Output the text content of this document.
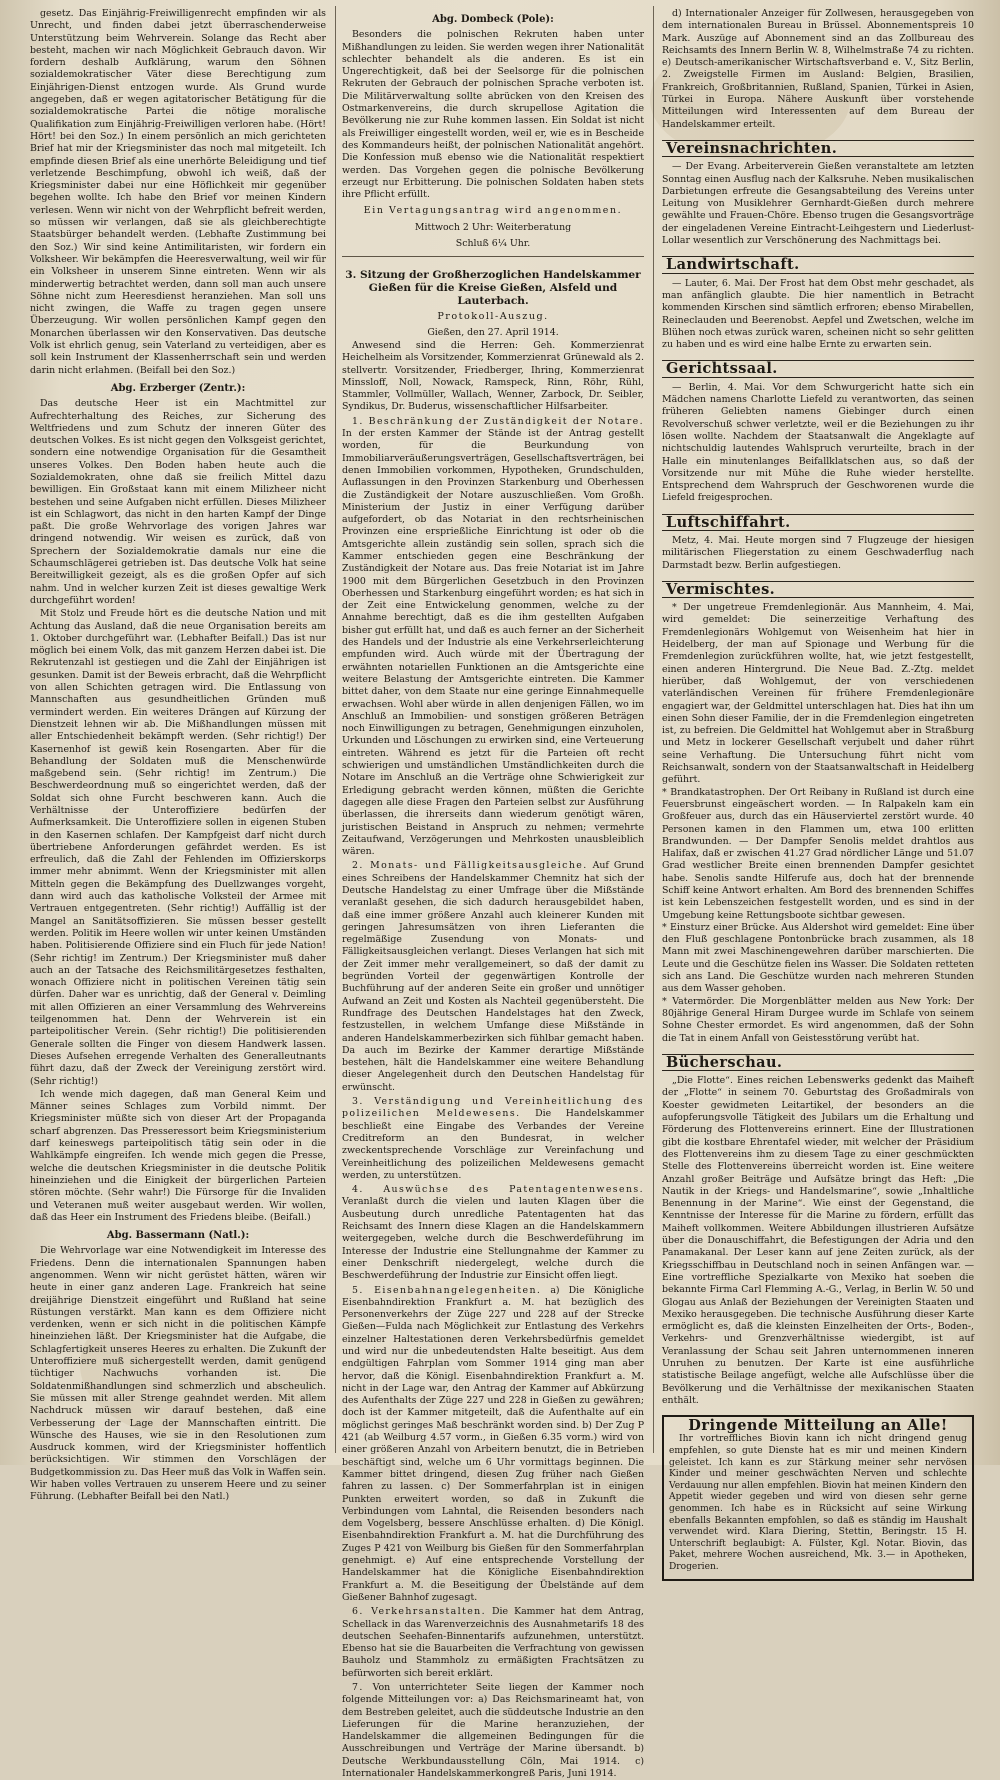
gesetz. Das Einjährig-Freiwilligenrecht empfinden wir als Unrecht, und finden dabei jetzt überraschenderweise Unterstützung beim Wehrverein. Solange das Recht aber besteht, machen wir nach Möglichkeit Gebrauch davon. Wir fordern deshalb Aufklärung, warum den Söhnen sozialdemokratischer Väter diese Berechtigung zum Einjährigen-Dienst entzogen wurde. Als Grund wurde angegeben, daß er wegen agitatorischer Betätigung für die sozialdemokratische Partei die nötige moralische Qualifikation zum Einjährig-Freiwilligen verloren habe. (Hört! Hört! bei den Soz.) In einem persönlich an mich gerichteten Brief hat mir der Kriegsminister das noch mal mitgeteilt. Ich empfinde diesen Brief als eine unerhörte Beleidigung und tief verletzende Beschimpfung, obwohl ich weiß, daß der Kriegsminister dabei nur eine Höflichkeit mir gegenüber begehen wollte. Ich habe den Brief vor meinen Kindern verlesen. Wenn wir nicht von der Wehrpflicht befreit werden, so müssen wir verlangen, daß sie als gleichberechtigte Staatsbürger behandelt werden. (Lebhafte Zustimmung bei den Soz.) Wir sind keine Antimilitaristen, wir fordern ein Volksheer. Wir bekämpfen die Heeresverwaltung, weil wir für ein Volksheer in unserem Sinne eintreten. Wenn wir als minderwertig betrachtet werden, dann soll man auch unsere Söhne nicht zum Heeresdienst heranziehen. Man soll uns nicht zwingen, die Waffe zu tragen gegen unsere Überzeugung. Wir wollen persönlichen Kampf gegen den Monarchen überlassen wir den Konservativen. Das deutsche Volk ist ehrlich genug, sein Vaterland zu verteidigen, aber es soll kein Instrument der Klassenherrschaft sein und werden darin nicht erlahmen. (Beifall bei den Soz.)

Abg. Erzberger (Zentr.):

Das deutsche Heer ist ein Machtmittel zur Aufrechterhaltung des Reiches, zur Sicherung des Weltfriedens und zum Schutz der inneren Güter des deutschen Volkes. Es ist nicht gegen den Volksgeist gerichtet, sondern eine notwendige Organisation für die Gesamtheit unseres Volkes. Den Boden haben heute auch die Sozialdemokraten, ohne daß sie freilich Mittel dazu bewilligen. Ein Großstaat kann mit einem Milizheer nicht bestehen und seine Aufgaben nicht erfüllen. Dieses Milizheer ist ein Schlagwort, das nicht in den harten Kampf der Dinge paßt. Die große Wehrvorlage des vorigen Jahres war dringend notwendig. Wir weisen es zurück, daß von Sprechern der Sozialdemokratie damals nur eine die Schaumschlägerei getrieben ist. Das deutsche Volk hat seine Bereitwilligkeit gezeigt, als es die großen Opfer auf sich nahm. Und in welcher kurzen Zeit ist dieses gewaltige Werk durchgeführt worden!

Mit Stolz und Freude hört es die deutsche Nation und mit Achtung das Ausland, daß die neue Organisation bereits am 1. Oktober durchgeführt war. (Lebhafter Beifall.) Das ist nur möglich bei einem Volk, das mit ganzem Herzen dabei ist. Die Rekrutenzahl ist gestiegen und die Zahl der Einjährigen ist gesunken. Damit ist der Beweis erbracht, daß die Wehrpflicht von allen Schichten getragen wird. Die Entlassung von Mannschaften aus gesundheitlichen Gründen muß vermindert werden. Ein weiteres Drängen auf Kürzung der Dienstzeit lehnen wir ab. Die Mißhandlungen müssen mit aller Entschiedenheit bekämpft werden. (Sehr richtig!) Der Kasernenhof ist gewiß kein Rosengarten. Aber für die Behandlung der Soldaten muß die Menschenwürde maßgebend sein. (Sehr richtig! im Zentrum.) Die Beschwerdeordnung muß so eingerichtet werden, daß der Soldat sich ohne Furcht beschweren kann. Auch die Verhältnisse der Unteroffiziere bedürfen der Aufmerksamkeit. Die Unteroffiziere sollen in eigenen Stuben in den Kasernen schlafen. Der Kampfgeist darf nicht durch übertriebene Anforderungen gefährdet werden. Es ist erfreulich, daß die Zahl der Fehlenden im Offizierskorps immer mehr abnimmt. Wenn der Kriegsminister mit allen Mitteln gegen die Bekämpfung des Duellzwanges vorgeht, dann wird auch das katholische Volksteil der Armee mit Vertrauen entgegentreten. (Sehr richtig!) Auffällig ist der Mangel an Sanitätsoffizieren. Sie müssen besser gestellt werden. Politik im Heere wollen wir unter keinen Umständen haben. Politisierende Offiziere sind ein Fluch für jede Nation! (Sehr richtig! im Zentrum.) Der Kriegsminister muß daher auch an der Tatsache des Reichsmilitärgesetzes festhalten, wonach Offiziere nicht in politischen Vereinen tätig sein dürfen. Daher war es unrichtig, daß der General v. Deimling mit allen Offizieren an einer Versammlung des Wehrvereins teilgenommen hat. Denn der Wehrverein ist ein parteipolitischer Verein. (Sehr richtig!) Die politisierenden Generale sollten die Finger von diesem Handwerk lassen. Dieses Aufsehen erregende Verhalten des Generalleutnants führt dazu, daß der Zweck der Vereinigung zerstört wird. (Sehr richtig!)

Ich wende mich dagegen, daß man General Keim und Männer seines Schlages zum Vorbild nimmt. Der Kriegsminister müßte sich von dieser Art der Propaganda scharf abgrenzen. Das Presseressort beim Kriegsministerium darf keineswegs parteipolitisch tätig sein oder in die Wahlkämpfe eingreifen. Ich wende mich gegen die Presse, welche die deutschen Kriegsminister in die deutsche Politik hineinziehen und die Einigkeit der bürgerlichen Parteien stören möchte. (Sehr wahr!) Die Fürsorge für die Invaliden und Veteranen muß weiter ausgebaut werden. Wir wollen, daß das Heer ein Instrument des Friedens bleibe. (Beifall.)

Abg. Bassermann (Natl.):

Die Wehrvorlage war eine Notwendigkeit im Interesse des Friedens. Denn die internationalen Spannungen haben angenommen. Wenn wir nicht gerüstet hätten, wären wir heute in einer ganz anderen Lage. Frankreich hat seine dreijährige Dienstzeit eingeführt und Rußland hat seine Rüstungen verstärkt. Man kann es dem Offiziere nicht verdenken, wenn er sich nicht in die politischen Kämpfe hineinziehen läßt. Der Kriegsminister hat die Aufgabe, die Schlagfertigkeit unseres Heeres zu erhalten. Die Zukunft der Unteroffiziere muß sichergestellt werden, damit genügend tüchtiger Nachwuchs vorhanden ist. Die Soldatenmißhandlungen sind schmerzlich und abscheulich. Sie müssen mit aller Strenge geahndet werden. Mit allem Nachdruck müssen wir darauf bestehen, daß eine Verbesserung der Lage der Mannschaften eintritt. Die Wünsche des Hauses, wie sie in den Resolutionen zum Ausdruck kommen, wird der Kriegsminister hoffentlich berücksichtigen. Wir stimmen den Vorschlägen der Budgetkommission zu. Das Heer muß das Volk in Waffen sein. Wir haben volles Vertrauen zu unserem Heere und zu seiner Führung. (Lebhafter Beifall bei den Natl.)

Abg. Dombeck (Pole):

Besonders die polnischen Rekruten haben unter Mißhandlungen zu leiden. Sie werden wegen ihrer Nationalität schlechter behandelt als die anderen. Es ist ein Ungerechtigkeit, daß bei der Seelsorge für die polnischen Rekruten der Gebrauch der polnischen Sprache verboten ist. Die Militärverwaltung sollte abrücken von den Kreisen des Ostmarkenvereins, die durch skrupellose Agitation die Bevölkerung nie zur Ruhe kommen lassen. Ein Soldat ist nicht als Freiwilliger eingestellt worden, weil er, wie es in Bescheide des Kommandeurs heißt, der polnischen Nationalität angehört. Die Konfession muß ebenso wie die Nationalität respektiert werden. Das Vorgehen gegen die polnische Bevölkerung erzeugt nur Erbitterung. Die polnischen Soldaten haben stets ihre Pflicht erfüllt.

Ein Vertagungsantrag wird angenommen.

Mittwoch 2 Uhr: Weiterberatung

Schluß 6¼ Uhr.

3. Sitzung der Großherzoglichen Handelskammer Gießen für die Kreise Gießen, Alsfeld und Lauterbach.
Protokoll-Auszug.

Gießen, den 27. April 1914.

Anwesend sind die Herren: Geh. Kommerzienrat Heichelheim als Vorsitzender, Kommerzienrat Grünewald als 2. stellvertr. Vorsitzender, Friedberger, Ihring, Kommerzienrat Minssloff, Noll, Nowack, Ramspeck, Rinn, Röhr, Rühl, Stammler, Vollmüller, Wallach, Wenner, Zarbock, Dr. Seibler, Syndikus, Dr. Buderus, wissenschaftlicher Hilfsarbeiter.

1. Beschränkung der Zuständigkeit der Notare. In der ersten Kammer der Stände ist der Antrag gestellt worden, für die Beurkundung von Immobiliarveräußerungsverträgen, Gesellschaftsverträgen, bei denen Immobilien vorkommen, Hypotheken, Grundschulden, Auflassungen in den Provinzen Starkenburg und Oberhessen die Zuständigkeit der Notare auszuschließen. Vom Großh. Ministerium der Justiz in einer Verfügung darüber aufgefordert, ob das Notariat in den rechtsrheinischen Provinzen eine ersprießliche Einrichtung ist oder ob die Amtsgerichte allein zuständig sein sollen, sprach sich die Kammer entschieden gegen eine Beschränkung der Zuständigkeit der Notare aus. Das freie Notariat ist im Jahre 1900 mit dem Bürgerlichen Gesetzbuch in den Provinzen Oberhessen und Starkenburg eingeführt worden; es hat sich in der Zeit eine Entwickelung genommen, welche zu der Annahme berechtigt, daß es die ihm gestellten Aufgaben bisher gut erfüllt hat, und daß es auch ferner an der Sicherheit des Handels und der Industrie als eine Verkehrserleichterung empfunden wird. Auch würde mit der Übertragung der erwähnten notariellen Funktionen an die Amtsgerichte eine weitere Belastung der Amtsgerichte eintreten. Die Kammer bittet daher, von dem Staate nur eine geringe Einnahmequelle erwachsen. Wohl aber würde in allen denjenigen Fällen, wo im Anschluß an Immobilien- und sonstigen größeren Beträgen noch Einwilligungen zu betragen, Genehmigungen einzuholen, Urkunden und Löschungen zu erwirken sind, eine Verteuerung eintreten. Während es jetzt für die Parteien oft recht schwierigen und umständlichen Umständlichkeiten durch die Notare im Anschluß an die Verträge ohne Schwierigkeit zur Erledigung gebracht werden können, müßten die Gerichte dagegen alle diese Fragen den Parteien selbst zur Ausführung überlassen, die ihrerseits dann wiederum genötigt wären, juristischen Beistand in Anspruch zu nehmen; vermehrte Zeitaufwand, Verzögerungen und Mehrkosten unausbleiblich wären.

2. Monats- und Fälligkeitsausgleiche. Auf Grund eines Schreibens der Handelskammer Chemnitz hat sich der Deutsche Handelstag zu einer Umfrage über die Mißstände veranlaßt gesehen, die sich dadurch herausgebildet haben, daß eine immer größere Anzahl auch kleinerer Kunden mit geringen Jahresumsätzen von ihren Lieferanten die regelmäßige Zusendung von Monats- und Fälligkeitsausgleichen verlangt. Dieses Verlangen hat sich mit der Zeit immer mehr verallgemeinert, so daß der damit zu begründen Vorteil der gegenwärtigen Kontrolle der Buchführung auf der anderen Seite ein großer und unnötiger Aufwand an Zeit und Kosten als Nachteil gegenübersteht. Die Rundfrage des Deutschen Handelstages hat den Zweck, festzustellen, in welchem Umfange diese Mißstände in anderen Handelskammerbezirken sich fühlbar gemacht haben. Da auch im Bezirke der Kammer derartige Mißstände bestehen, hält die Handelskammer eine weitere Behandlung dieser Angelegenheit durch den Deutschen Handelstag für erwünscht.

3. Verständigung und Vereinheitlichung des polizeilichen Meldewesens. Die Handelskammer beschließt eine Eingabe des Verbandes der Vereine Creditreform an den Bundesrat, in welcher zweckentsprechende Vorschläge zur Vereinfachung und Vereinheitlichung des polizeilichen Meldewesens gemacht werden, zu unterstützen.

4. Auswüchse des Patentagentenwesens. Veranlaßt durch die vielen und lauten Klagen über die Ausbeutung durch unredliche Patentagenten hat das Reichsamt des Innern diese Klagen an die Handelskammern weitergegeben, welche durch die Beschwerdeführung im Interesse der Industrie eine Stellungnahme der Kammer zu einer Denkschrift niedergelegt, welche durch die Beschwerdeführung der Industrie zur Einsicht offen liegt.

5. Eisenbahnangelegenheiten. a) Die Königliche Eisenbahndirektion Frankfurt a. M. hat bezüglich des Personenverkehrs der Züge 227 und 228 auf der Strecke Gießen—Fulda nach Möglichkeit zur Entlastung des Verkehrs einzelner Haltestationen deren Verkehrsbedürfnis gemeldet und wird nur die unbedeutendsten Halte beseitigt. Aus dem endgültigen Fahrplan vom Sommer 1914 ging man aber hervor, daß die Königl. Eisenbahndirektion Frankfurt a. M. nicht in der Lage war, den Antrag der Kammer auf Abkürzung des Aufenthalts der Züge 227 und 228 in Gießen zu gewähren; doch ist der Kammer mitgeteilt, daß die Aufenthalte auf ein möglichst geringes Maß beschränkt worden sind. b) Der Zug P 421 (ab Weilburg 4.57 vorm., in Gießen 6.35 vorm.) wird von einer größeren Anzahl von Arbeitern benutzt, die in Betrieben beschäftigt sind, welche um 6 Uhr vormittags beginnen. Die Kammer bittet dringend, diesen Zug früher nach Gießen fahren zu lassen. c) Der Sommerfahrplan ist in einigen Punkten erweitert worden, so daß in Zukunft die Verbindungen vom Lahntal, die Reisenden besonders nach dem Vogelsberg, bessere Anschlüsse erhalten. d) Die Königl. Eisenbahndirektion Frankfurt a. M. hat die Durchführung des Zuges P 421 von Weilburg bis Gießen für den Sommerfahrplan genehmigt. e) Auf eine entsprechende Vorstellung der Handelskammer hat die Königliche Eisenbahndirektion Frankfurt a. M. die Beseitigung der Übelstände auf dem Gießener Bahnhof zugesagt.

6. Verkehrsanstalten. Die Kammer hat dem Antrag, Schellack in das Warenverzeichnis des Ausnahmetarifs 18 des deutschen Seehafen-Binnentarifs aufzunehmen, unterstützt. Ebenso hat sie die Bauarbeiten die Verfrachtung von gewissen Bauholz und Stammholz zu ermäßigten Frachtsätzen zu befürworten sich bereit erklärt.

7. Von unterrichteter Seite liegen der Kammer noch folgende Mitteilungen vor: a) Das Reichsmarineamt hat, von dem Bestreben geleitet, auch die süddeutsche Industrie an den Lieferungen für die Marine heranzuziehen, der Handelskammer die allgemeinen Bedingungen für die Ausschreibungen und Verträge der Marine übersandt. b) Deutsche Werkbundausstellung Cöln, Mai 1914. c) Internationaler Handelskammerkongreß Paris, Juni 1914.

d) Internationaler Anzeiger für Zollwesen, herausgegeben von dem internationalen Bureau in Brüssel. Abonnementspreis 10 Mark. Auszüge auf Abonnement sind an das Zollbureau des Reichsamts des Innern Berlin W. 8, Wilhelmstraße 74 zu richten. e) Deutsch-amerikanischer Wirtschaftsverband e. V., Sitz Berlin, 2. Zweigstelle Firmen im Ausland: Belgien, Brasilien, Frankreich, Großbritannien, Rußland, Spanien, Türkei in Asien, Türkei in Europa. Nähere Auskunft über vorstehende Mitteilungen wird Interessenten auf dem Bureau der Handelskammer erteilt.

Vereinsnachrichten.

— Der Evang. Arbeiterverein Gießen veranstaltete am letzten Sonntag einen Ausflug nach der Kalksruhe. Neben musikalischen Darbietungen erfreute die Gesangsabteilung des Vereins unter Leitung von Musiklehrer Gernhardt-Gießen durch mehrere gewählte und Frauen-Chöre. Ebenso trugen die Gesangsvorträge der eingeladenen Vereine Eintracht-Leihgestern und Liederlust-Lollar wesentlich zur Verschönerung des Nachmittags bei.

Landwirtschaft.

— Lauter, 6. Mai. Der Frost hat dem Obst mehr geschadet, als man anfänglich glaubte. Die hier namentlich in Betracht kommenden Kirschen sind sämtlich erfroren; ebenso Mirabellen, Reineclauden und Beerenobst. Aepfel und Zwetschen, welche im Blühen noch etwas zurück waren, scheinen nicht so sehr gelitten zu haben und es wird eine halbe Ernte zu erwarten sein.

Gerichtssaal.

— Berlin, 4. Mai. Vor dem Schwurgericht hatte sich ein Mädchen namens Charlotte Liefeld zu verantworten, das seinen früheren Geliebten namens Giebinger durch einen Revolverschuß schwer verletzte, weil er die Beziehungen zu ihr lösen wollte. Nachdem der Staatsanwalt die Angeklagte auf nichtschuldig lautendes Wahlspruch verurteilte, brach in der Halle ein minutenlanges Beifallklatschen aus, so daß der Vorsitzende nur mit Mühe die Ruhe wieder herstellte. Entsprechend dem Wahrspruch der Geschworenen wurde die Liefeld freigesprochen.

Luftschiffahrt.

Metz, 4. Mai. Heute morgen sind 7 Flugzeuge der hiesigen militärischen Fliegerstation zu einem Geschwaderflug nach Darmstadt bezw. Berlin aufgestiegen.

Vermischtes.

* Der ungetreue Fremdenlegionär. Aus Mannheim, 4. Mai, wird gemeldet: Die seinerzeitige Verhaftung des Fremdenlegionärs Wohlgemut von Weisenheim hat hier in Heidelberg, der man auf Spionage und Werbung für die Fremdenlegion zurückführen wollte, hat, wie jetzt festgestellt, einen anderen Hintergrund. Die Neue Bad. Z.-Ztg. meldet hierüber, daß Wohlgemut, der von verschiedenen vaterländischen Vereinen für frühere Fremdenlegionäre engagiert war, der Geldmittel unterschlagen hat. Dies hat ihn um einen Sohn dieser Familie, der in die Fremdenlegion eingetreten ist, zu befreien. Die Geldmittel hat Wohlgemut aber in Straßburg und Metz in lockerer Gesellschaft verjubelt und daher rührt seine Verhaftung. Die Untersuchung führt nicht vom Reichsanwalt, sondern von der Staatsanwaltschaft in Heidelberg geführt.
* Brandkatastrophen. Der Ort Reibany in Rußland ist durch eine Feuersbrunst eingeäschert worden. — In Ralpakeln kam ein Großfeuer aus, durch das ein Häuserviertel zerstört wurde. 40 Personen kamen in den Flammen um, etwa 100 erlitten Brandwunden. — Der Dampfer Senolis meldet drahtlos aus Halifax, daß er zwischen 41.27 Grad nördlicher Länge und 51.07 Grad westlicher Breite einen brennenden Dampfer gesichtet habe. Senolis sandte Hilferufe aus, doch hat der brennende Schiff keine Antwort erhalten. Am Bord des brennenden Schiffes ist kein Lebenszeichen festgestellt worden, und es sind in der Umgebung keine Rettungsboote sichtbar gewesen.
* Einsturz einer Brücke. Aus Aldershot wird gemeldet: Eine über den Fluß geschlagene Pontonbrücke brach zusammen, als 18 Mann mit zwei Maschinengewehren darüber marschierten. Die Leute und die Geschütze fielen ins Wasser. Die Soldaten retteten sich ans Land. Die Geschütze wurden nach mehreren Stunden aus dem Wasser gehoben.
* Vatermörder. Die Morgenblätter melden aus New York: Der 80jährige General Hiram Durgee wurde im Schlafe von seinem Sohne Chester ermordet. Es wird angenommen, daß der Sohn die Tat in einem Anfall von Geistesstörung verübt hat.

Bücherschau.

„Die Flotte“. Eines reichen Lebenswerks gedenkt das Maiheft der „Flotte“ in seinem 70. Geburtstag des Großadmirals von Koester gewidmeten Leitartikel, der besonders an die aufopferungsvolle Tätigkeit des Jubilars um die Erhaltung und Förderung des Flottenvereins erinnert. Eine der Illustrationen gibt die kostbare Ehrentafel wieder, mit welcher der Präsidium des Flottenvereins ihm zu diesem Tage zu einer geschmückten Stelle des Flottenvereins überreicht worden ist. Eine weitere Anzahl großer Beiträge und Aufsätze bringt das Heft: „Die Nautik in der Kriegs- und Handelsmarine“, sowie „Inhaltliche Benennung in der Marine“. Wie einst der Gegenstand, die Kenntnisse der Interesse für die Marine zu fördern, erfüllt das Maiheft vollkommen. Weitere Abbildungen illustrieren Aufsätze über die Donauschiffahrt, die Befestigungen der Adria und den Panamakanal. Der Leser kann auf jene Zeiten zurück, als der Kriegsschiffbau in Deutschland noch in seinen Anfängen war. — Eine vortreffliche Spezialkarte von Mexiko hat soeben die bekannte Firma Carl Flemming A.-G., Verlag, in Berlin W. 50 und Glogau aus Anlaß der Beziehungen der Vereinigten Staaten und Mexiko herausgegeben. Die technische Ausführung dieser Karte ermöglicht es, daß die kleinsten Einzelheiten der Orts-, Boden-, Verkehrs- und Grenzverhältnisse wiedergibt, ist auf Veranlassung der Schau seit Jahren unternommenen inneren Unruhen zu benutzen. Der Karte ist eine ausführliche statistische Beilage angefügt, welche alle Aufschlüsse über die Bevölkerung und die Verhältnisse der mexikanischen Staaten enthält.

Dringende Mitteilung an Alle!

Ihr vortreffliches Biovin kann ich nicht dringend genug empfehlen, so gute Dienste hat es mir und meinen Kindern geleistet. Ich kann es zur Stärkung meiner sehr nervösen Kinder und meiner geschwächten Nerven und schlechte Verdauung nur allen empfehlen. Biovin hat meinen Kindern den Appetit wieder gegeben und wird von diesen sehr gerne genommen. Ich habe es in Rücksicht auf seine Wirkung ebenfalls Bekannten empfohlen, so daß es ständig im Haushalt verwendet wird. Klara Diering, Stettin, Beringstr. 15 H. Unterschrift beglaubigt: A. Fülster, Kgl. Notar. Biovin, das Paket, mehrere Wochen ausreichend, Mk. 3.— in Apotheken, Drogerien.
